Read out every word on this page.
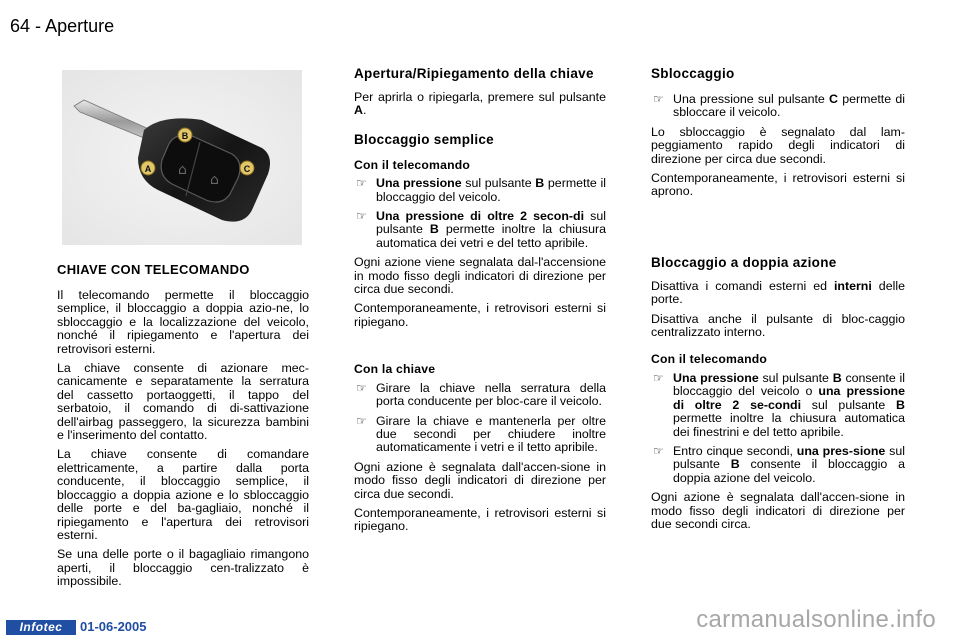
64 - Aperture
⌂
⌂
B
A	C
CHIAVE CON TELECOMANDO

Il telecomando permette il bloccaggio semplice, il bloccaggio a doppia azio-ne, lo sbloccaggio e la localizzazione del veicolo, nonché il ripiegamento e l'apertura dei retrovisori esterni.

La chiave consente di azionare mec-canicamente e separatamente la serratura del cassetto portaoggetti, il tappo del serbatoio, il comando di di-sattivazione dell'airbag passeggero, la sicurezza bambini e l'inserimento del contatto.

La chiave consente di comandare elettricamente, a partire dalla porta conducente, il bloccaggio semplice, il bloccaggio a doppia azione e lo sbloccaggio delle porte e del ba-gagliaio, nonché il ripiegamento e l'apertura dei retrovisori esterni.

Se una delle porte o il bagagliaio rimangono aperti, il bloccaggio cen-tralizzato è impossibile.

Apertura/Ripiegamento della chiave

Per aprirla o ripiegarla, premere sul pulsante A.

Bloccaggio semplice
Con il telecomando
☞ Una pressione sul pulsante B permette il bloccaggio del veicolo.
☞ Una pressione di oltre 2 secon-di sul pulsante B permette inoltre la chiusura automatica dei vetri e del tetto apribile.

Ogni azione viene segnalata dal-l'accensione in modo fisso degli indicatori di direzione per circa due secondi.

Contemporaneamente, i retrovisori esterni si ripiegano.

Con la chiave
☞ Girare la chiave nella serratura della porta conducente per bloc-care il veicolo.
☞ Girare la chiave e mantenerla per oltre due secondi per chiudere inoltre automaticamente i vetri e il tetto apribile.

Ogni azione è segnalata dall'accen-sione in modo fisso degli indicatori di direzione per circa due secondi.

Contemporaneamente, i retrovisori esterni si ripiegano.

Sbloccaggio
☞ Una pressione sul pulsante C permette di sbloccare il veicolo.

Lo sbloccaggio è segnalato dal lam-peggiamento rapido degli indicatori di direzione per circa due secondi.

Contemporaneamente, i retrovisori esterni si aprono.

Bloccaggio a doppia azione

Disattiva i comandi esterni ed interni delle porte.

Disattiva anche il pulsante di bloc-caggio centralizzato interno.

Con il telecomando
☞ Una pressione sul pulsante B consente il bloccaggio del veicolo o una pressione di oltre 2 se-condi sul pulsante B permette inoltre la chiusura automatica dei finestrini e del tetto apribile.
☞ Entro cinque secondi, una pres-sione sul pulsante B consente il bloccaggio a doppia azione del veicolo.

Ogni azione è segnalata dall'accen-sione in modo fisso degli indicatori di direzione per due secondi circa.

Infotec	01-06-2005	carmanualsonline.info
